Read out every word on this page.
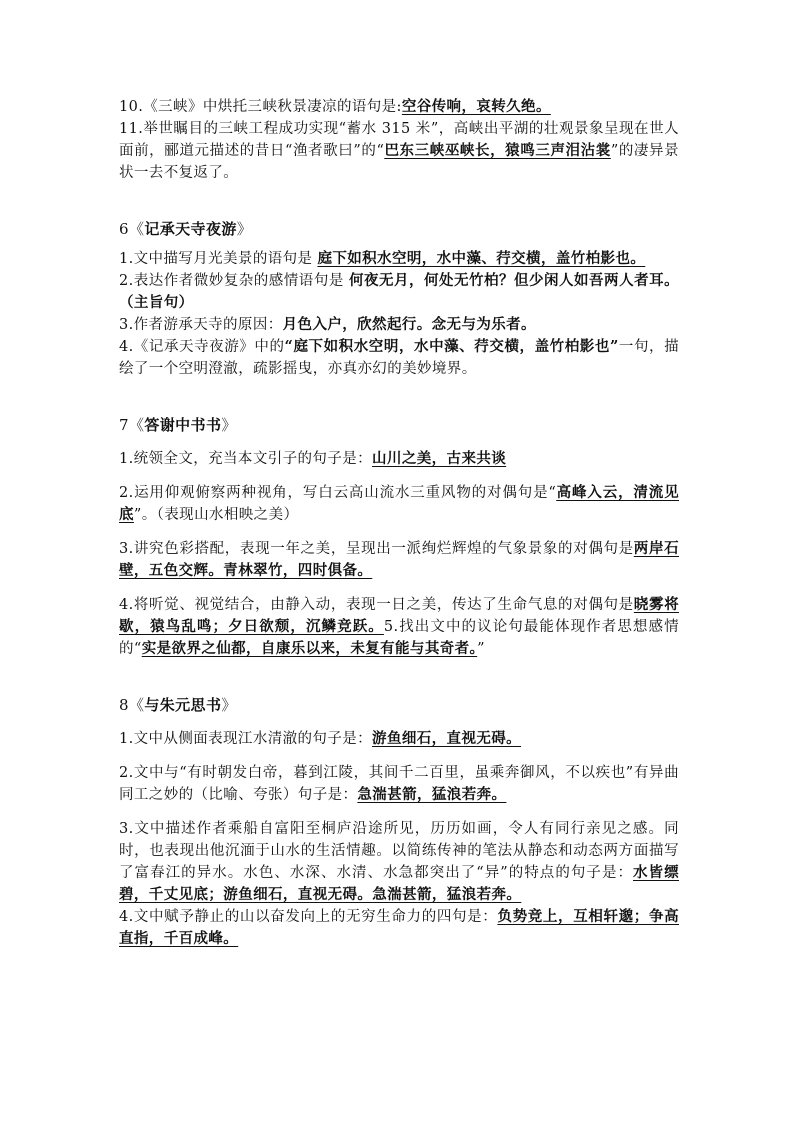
10.《三峡》中烘托三峡秋景凄凉的语句是:空谷传响，哀转久绝。

11.举世瞩目的三峡工程成功实现“蓄水 315 米”，高峡出平湖的壮观景象呈现在世人面前，郦道元描述的昔日“渔者歌曰”的“巴东三峡巫峡长，猿鸣三声泪沾裳”的凄异景状一去不复返了。

6《记承天寺夜游》

1.文中描写月光美景的语句是 庭下如积水空明，水中藻、荇交横，盖竹柏影也。

2.表达作者微妙复杂的感情语句是 何夜无月，何处无竹柏？但少闲人如吾两人者耳。（主旨句）

3.作者游承天寺的原因：月色入户，欣然起行。念无与为乐者。

4.《记承天寺夜游》中的“庭下如积水空明，水中藻、荇交横，盖竹柏影也”一句，描绘了一个空明澄澈，疏影摇曳，亦真亦幻的美妙境界。

7《答谢中书书》

1.统领全文，充当本文引子的句子是：山川之美，古来共谈

2.运用仰观俯察两种视角，写白云高山流水三重风物的对偶句是“高峰入云，清流见底”。（表现山水相映之美）

3.讲究色彩搭配，表现一年之美，呈现出一派绚烂辉煌的气象景象的对偶句是两岸石壁，五色交辉。青林翠竹，四时俱备。

4.将听觉、视觉结合，由静入动，表现一日之美，传达了生命气息的对偶句是晓雾将歇，猿鸟乱鸣；夕日欲颓，沉鳞竞跃。5.找出文中的议论句最能体现作者思想感情的“实是欲界之仙都，自康乐以来，未复有能与其奇者。”

8《与朱元思书》

1.文中从侧面表现江水清澈的句子是：游鱼细石，直视无碍。

2.文中与“有时朝发白帝，暮到江陵，其间千二百里，虽乘奔御风，不以疾也”有异曲同工之妙的（比喻、夸张）句子是：急湍甚箭，猛浪若奔。

3.文中描述作者乘船自富阳至桐庐沿途所见，历历如画，令人有同行亲见之感。同时，也表现出他沉湎于山水的生活情趣。以简练传神的笔法从静态和动态两方面描写了富春江的异水。水色、水深、水清、水急都突出了“异”的特点的句子是：水皆缥碧，千丈见底；游鱼细石，直视无碍。急湍甚箭，猛浪若奔。

4.文中赋予静止的山以奋发向上的无穷生命力的四句是：负势竞上，互相轩邈；争高直指，千百成峰。
